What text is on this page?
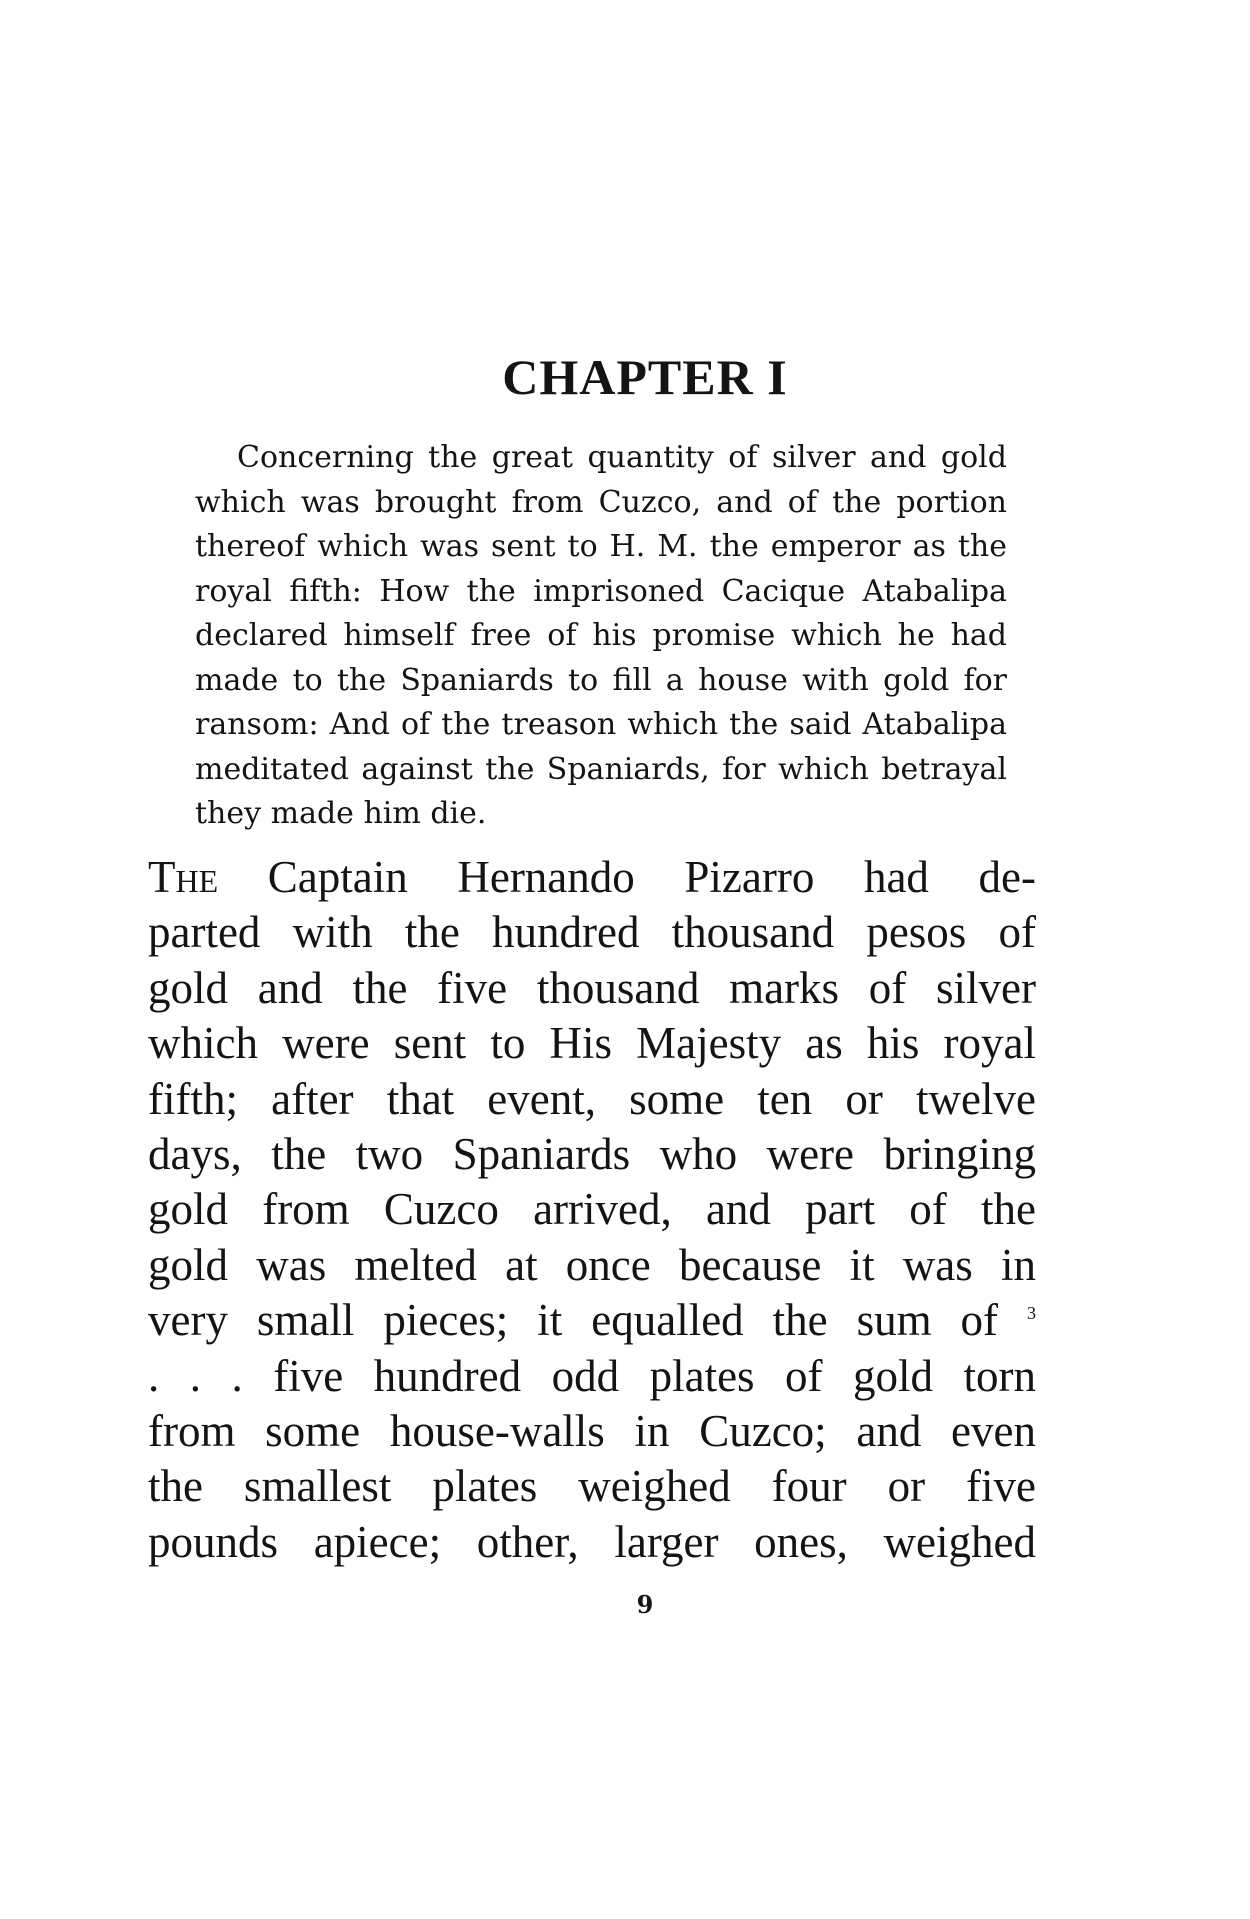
CHAPTER I

Concerning the great quantity of silver and gold which was brought from Cuzco, and of the portion thereof which was sent to H. M. the emperor as the royal fifth: How the imprisoned Cacique Atabalipa declared himself free of his promise which he had made to the Spaniards to fill a house with gold for ransom: And of the treason which the said Atabalipa meditated against the Spaniards, for which betrayal they made him die.

The Captain Hernando Pizarro had de-
parted with the hundred thousand pesos of
gold and the five thousand marks of silver
which were sent to His Majesty as his royal
fifth; after that event, some ten or twelve
days, the two Spaniards who were bringing
gold from Cuzco arrived, and part of the
gold was melted at once because it was in
very small pieces; it equalled the sum of $^3$
. . . five hundred odd plates of gold torn
from some house-walls in Cuzco; and even
the smallest plates weighed four or five
pounds apiece; other, larger ones, weighed
9
